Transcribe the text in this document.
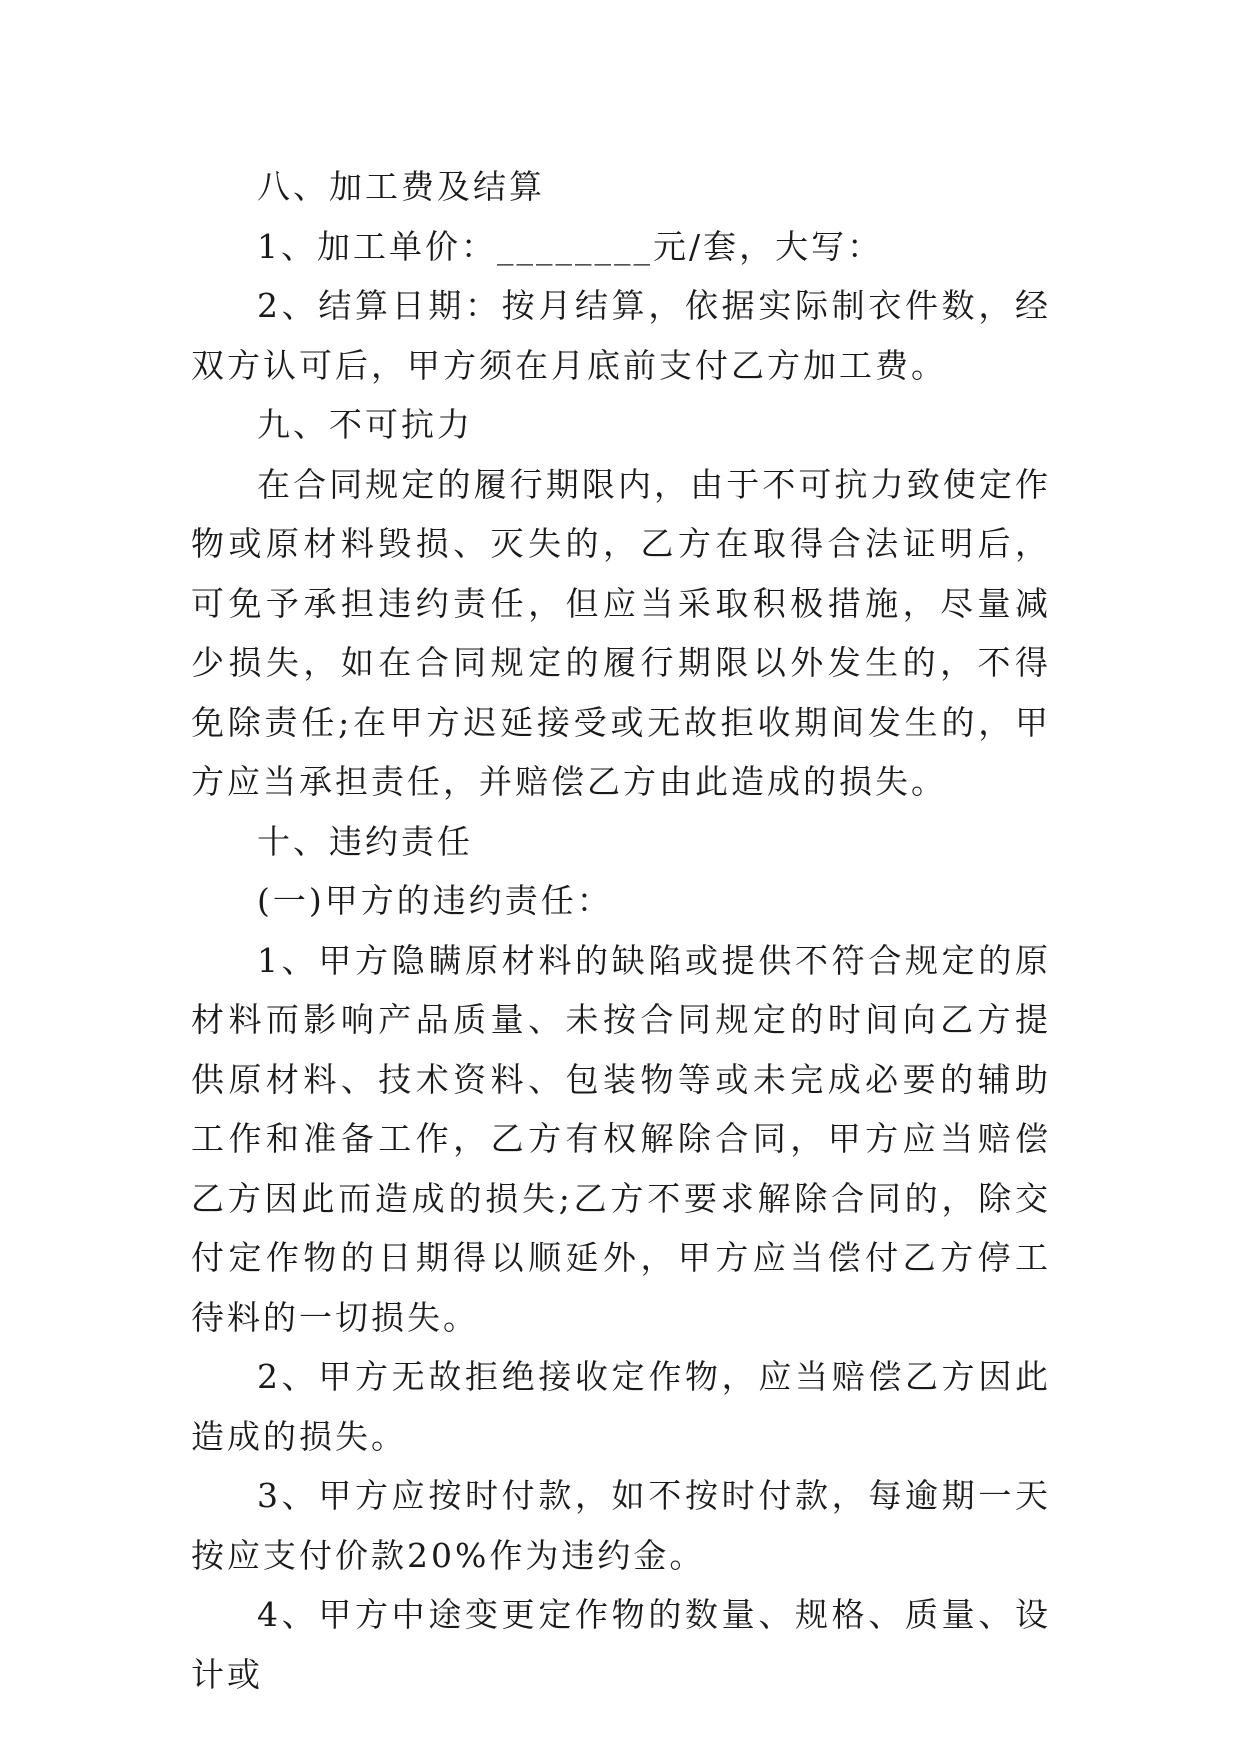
八、加工费及结算

1、加工单价：________元/套，大写：

2、结算日期：按月结算，依据实际制衣件数，经双方认可后，甲方须在月底前支付乙方加工费。

九、不可抗力

在合同规定的履行期限内，由于不可抗力致使定作物或原材料毁损、灭失的，乙方在取得合法证明后，可免予承担违约责任，但应当采取积极措施，尽量减少损失，如在合同规定的履行期限以外发生的，不得免除责任;在甲方迟延接受或无故拒收期间发生的，甲方应当承担责任，并赔偿乙方由此造成的损失。

十、违约责任

(一)甲方的违约责任：

1、甲方隐瞒原材料的缺陷或提供不符合规定的原材料而影响产品质量、未按合同规定的时间向乙方提供原材料、技术资料、包装物等或未完成必要的辅助工作和准备工作，乙方有权解除合同，甲方应当赔偿乙方因此而造成的损失;乙方不要求解除合同的，除交付定作物的日期得以顺延外，甲方应当偿付乙方停工待料的一切损失。

2、甲方无故拒绝接收定作物，应当赔偿乙方因此造成的损失。

3、甲方应按时付款，如不按时付款，每逾期一天按应支付价款20%作为违约金。

4、甲方中途变更定作物的数量、规格、质量、设计或
